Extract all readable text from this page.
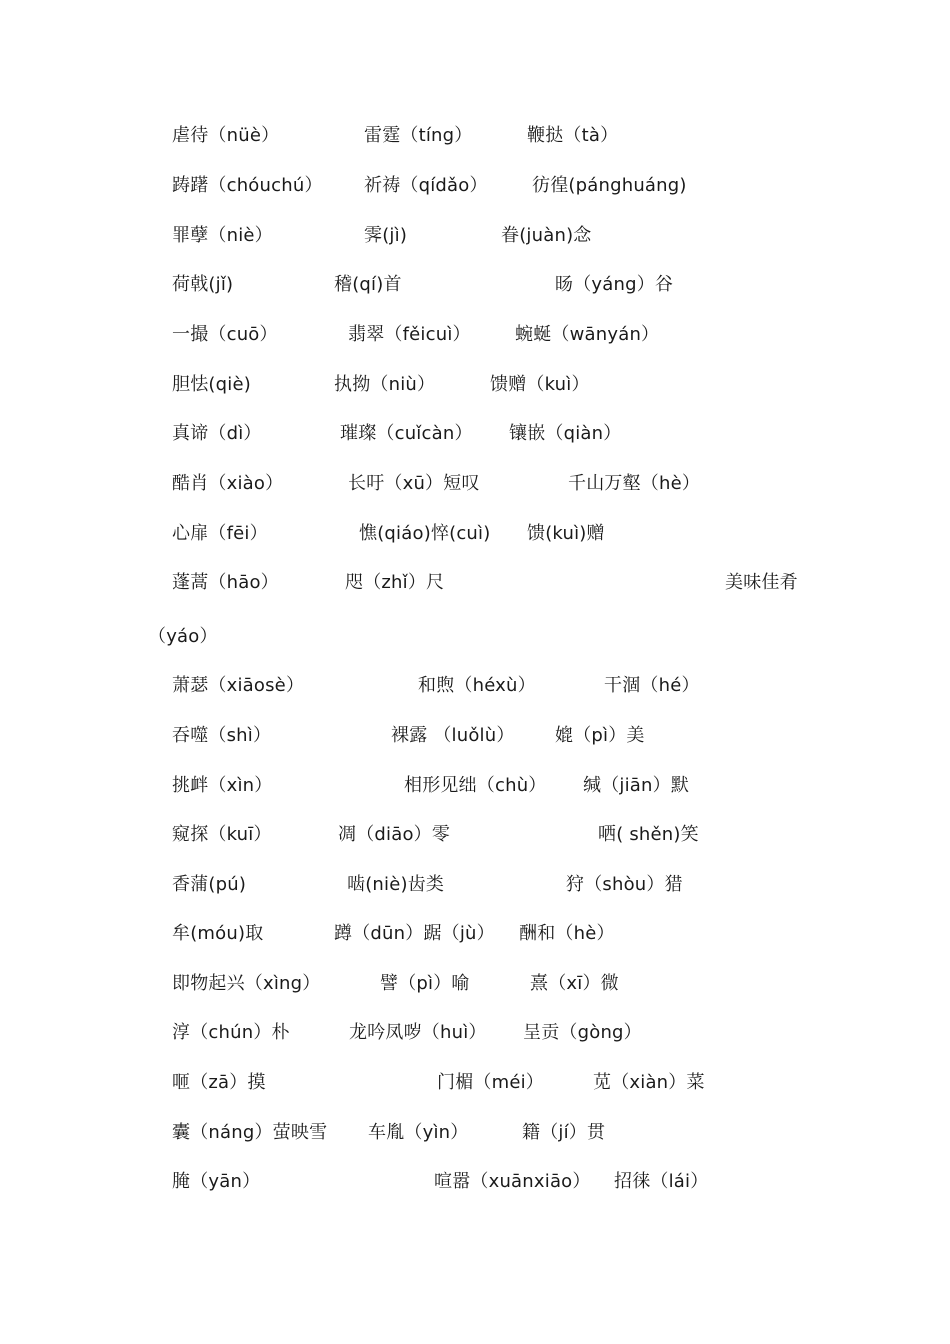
虐待（nüè）	雷霆（tíng）	鞭挞（tà）
踌躇（chóuchú） 祈祷（qídǎo） 彷徨(pánghuáng)
罪孽（niè）	霁(jì)	眷(juàn)念
荷戟(jǐ)	稽(qí)首	旸（yáng）谷
一撮（cuō）	翡翠（fěicuì） 蜿蜒（wānyán）
胆怯(qiè)	执拗（niù）	馈赠（kuì）
真谛（dì）	璀璨（cuǐcàn） 镶嵌（qiàn）
酷肖（xiào）	长吁（xū）短叹	千山万壑（hè）
心扉（fēi）	憔(qiáo)悴(cuì) 馈(kuì)赠
蓬蒿（hāo）	咫（zhǐ）尺	美味佳肴
（yáo）
萧瑟（xiāosè）	和煦（héxù）	干涸（hé）
吞噬（shì）	裸露 （luǒlù） 媲（pì）美
挑衅（xìn）	相形见绌（chù） 缄（jiān）默
窥探（kuī）	凋（diāo）零	哂( shěn)笑
香蒲(pú)	啮(niè)齿类	狩（shòu）猎
牟(móu)取	蹲（dūn）踞（jù） 酬和（hè）
即物起兴（xìng）	譬（pì）喻	熹（xī）微
淳（chún）朴	龙吟凤哕（huì） 呈贡（gòng）
咂（zā）摸	门楣（méi）	苋（xiàn）菜
囊（náng）萤映雪 车胤（yìn）	籍（jí）贯
腌（yān）	喧嚣（xuānxiāo） 招徕（lái）
